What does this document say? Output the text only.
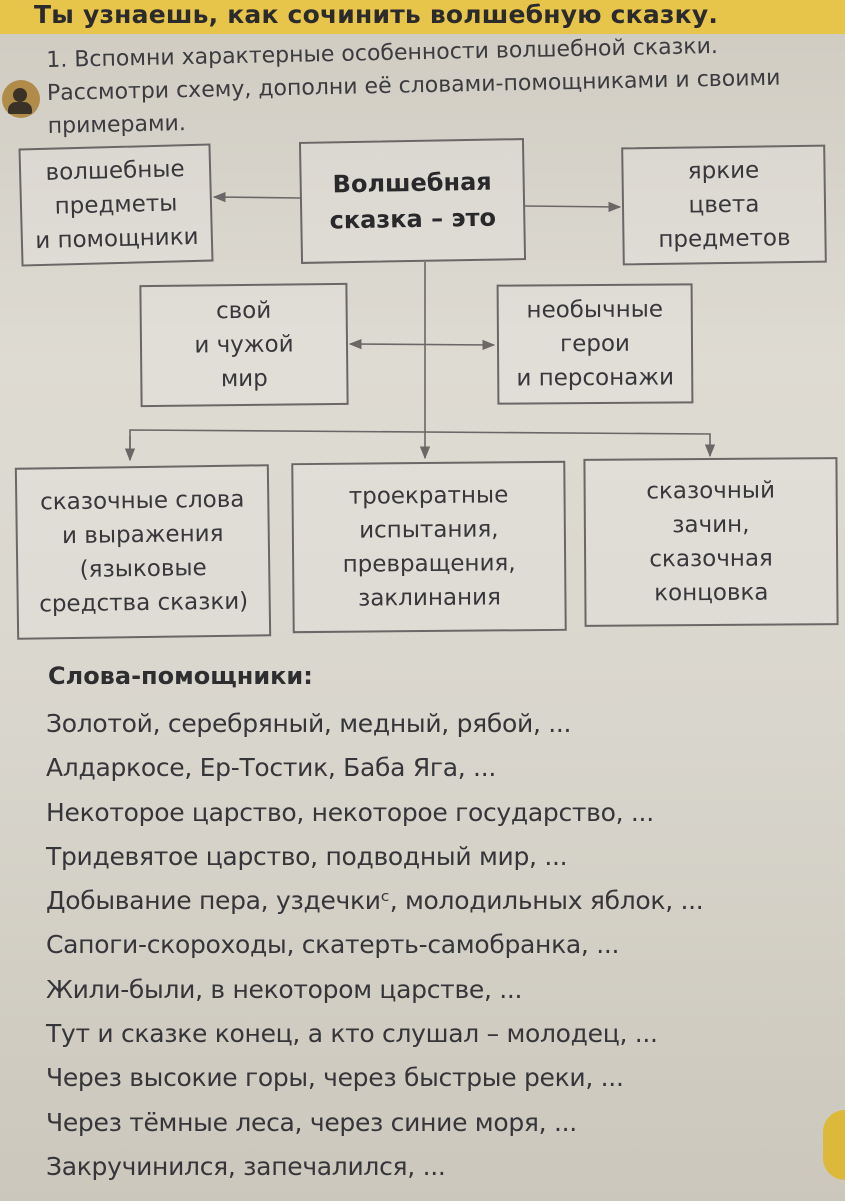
Ты узнаешь, как сочинить волшебную сказку.

1. Вспомни характерные особенности волшебной сказки.

Рассмотри схему, дополни её словами-помощниками и своими

примерами.

волшебные
предметы
и помощники
Волшебная
сказка – это
яркие
цвета
предметов
свой
и чужой
мир
необычные
герои
и персонажи
сказочные слова
и выражения
(языковые
средства сказки)
троекратные
испытания,
превращения,
заклинания
сказочный
зачин,
сказочная
концовка
Слова-помощники:
Золотой, серебряный, медный, рябой, ...
Алдаркосе, Ер-Тостик, Баба Яга, ...
Некоторое царство, некоторое государство, ...
Тридевятое царство, подводный мир, ...
Добывание пера, уздечкиᶜ, молодильных яблок, ...
Сапоги-скороходы, скатерть-самобранка, ...
Жили-были, в некотором царстве, ...
Тут и сказке конец, а кто слушал – молодец, ...
Через высокие горы, через быстрые реки, ...
Через тёмные леса, через синие моря, ...
Закручинился, запечалился, ...
